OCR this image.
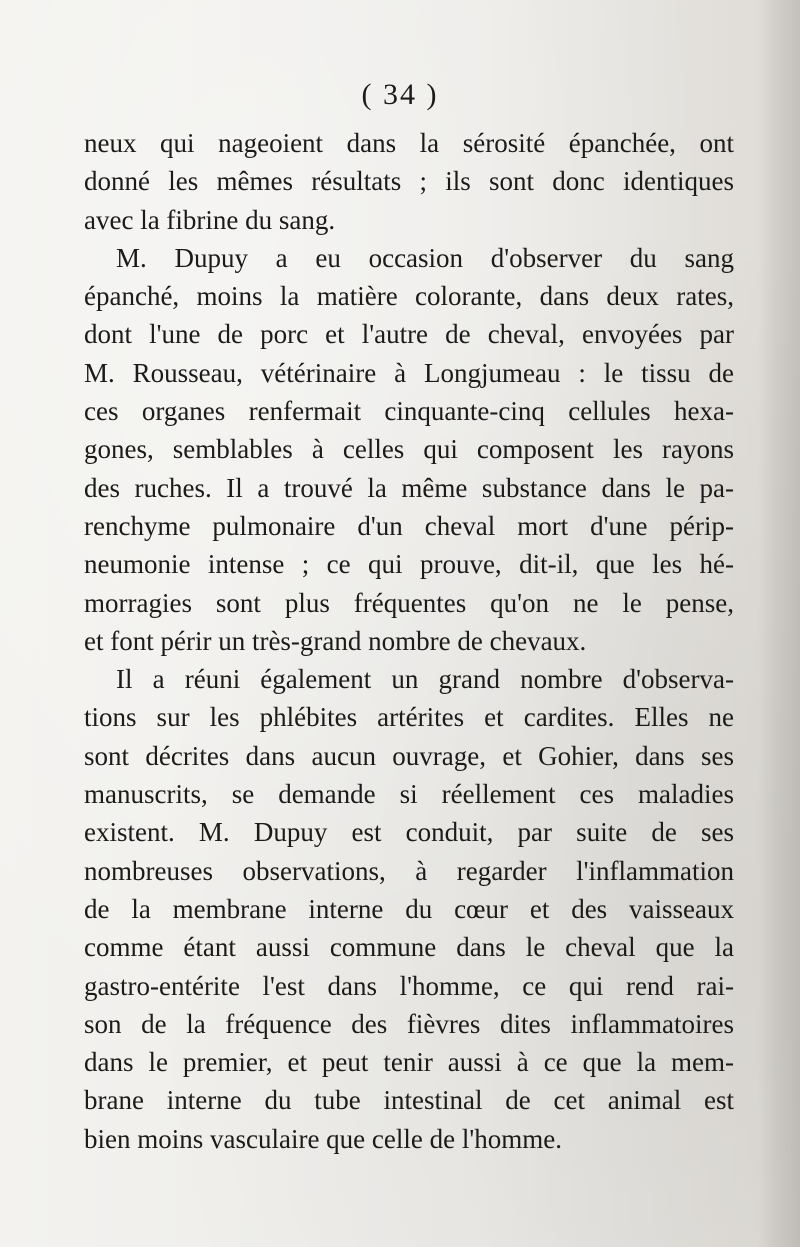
( 34 )
neux qui nageoient dans la sérosité épanchée, ont
donné les mêmes résultats ; ils sont donc identiques
avec la fibrine du sang.
M. Dupuy a eu occasion d'observer du sang
épanché, moins la matière colorante, dans deux rates,
dont l'une de porc et l'autre de cheval, envoyées par
M. Rousseau, vétérinaire à Longjumeau : le tissu de
ces organes renfermait cinquante-cinq cellules hexa-
gones, semblables à celles qui composent les rayons
des ruches. Il a trouvé la même substance dans le pa-
renchyme pulmonaire d'un cheval mort d'une périp-
neumonie intense ; ce qui prouve, dit-il, que les hé-
morragies sont plus fréquentes qu'on ne le pense,
et font périr un très-grand nombre de chevaux.
Il a réuni également un grand nombre d'observa-
tions sur les phlébites artérites et cardites. Elles ne
sont décrites dans aucun ouvrage, et Gohier, dans ses
manuscrits, se demande si réellement ces maladies
existent. M. Dupuy est conduit, par suite de ses
nombreuses observations, à regarder l'inflammation
de la membrane interne du cœur et des vaisseaux
comme étant aussi commune dans le cheval que la
gastro-entérite l'est dans l'homme, ce qui rend rai-
son de la fréquence des fièvres dites inflammatoires
dans le premier, et peut tenir aussi à ce que la mem-
brane interne du tube intestinal de cet animal est
bien moins vasculaire que celle de l'homme.
